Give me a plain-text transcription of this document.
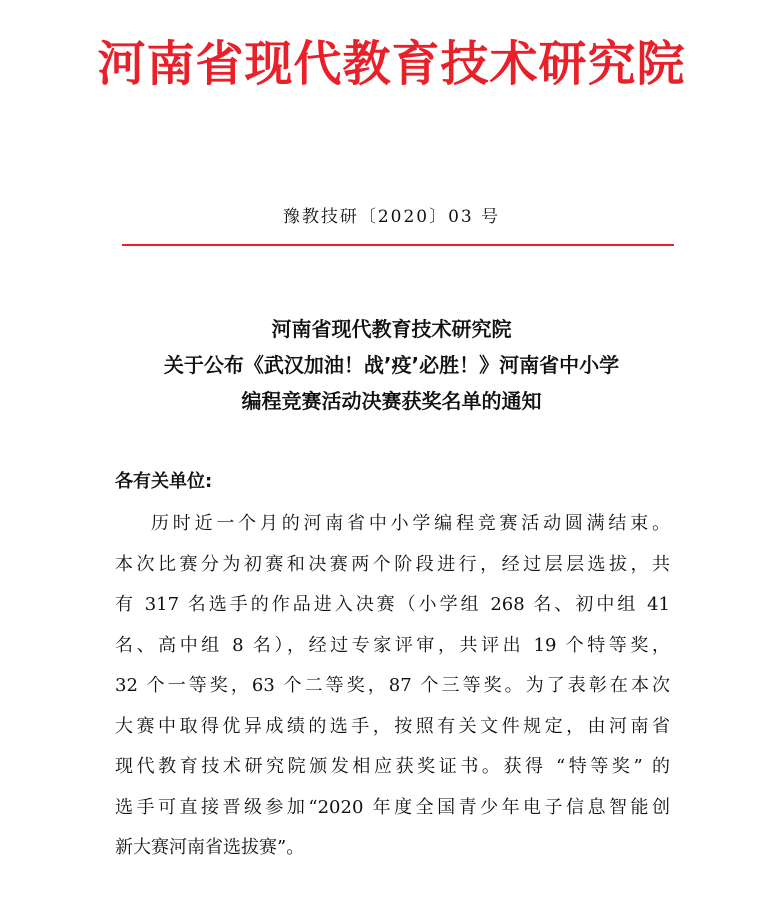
河南省现代教育技术研究院
豫教技研〔2020〕03 号
河南省现代教育技术研究院
关于公布《武汉加油！战’疫’必胜！》河南省中小学
编程竞赛活动决赛获奖名单的通知
各有关单位:
历时近一个月的河南省中小学编程竞赛活动圆满结束。
本次比赛分为初赛和决赛两个阶段进行，经过层层选拔，共
有 317 名选手的作品进入决赛（小学组 268 名、初中组 41
名、高中组 8 名），经过专家评审，共评出 19 个特等奖，
32 个一等奖，63 个二等奖，87 个三等奖。为了表彰在本次
大赛中取得优异成绩的选手，按照有关文件规定，由河南省
现代教育技术研究院颁发相应获奖证书。获得 “特等奖” 的
选手可直接晋级参加“2020 年度全国青少年电子信息智能创
新大赛河南省选拔赛”。
